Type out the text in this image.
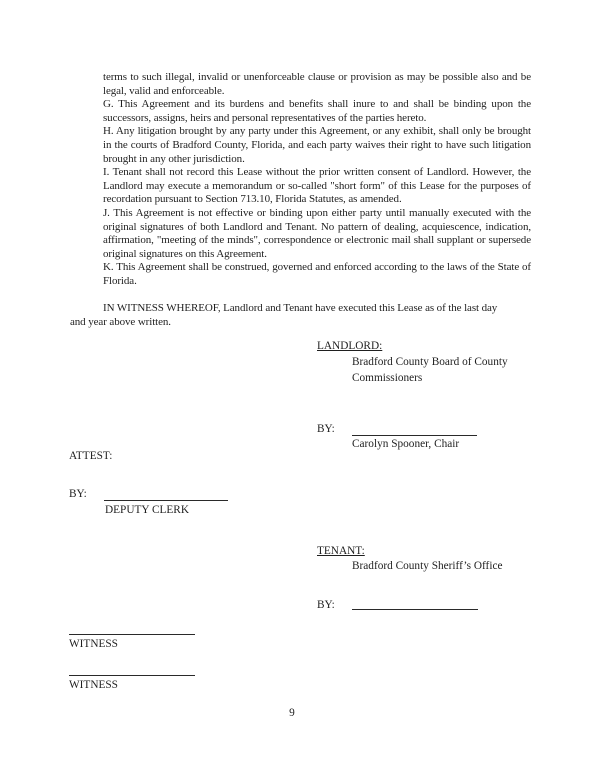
terms to such illegal, invalid or unenforceable clause or provision as may be possible also and be legal, valid and enforceable.

G. This Agreement and its burdens and benefits shall inure to and shall be binding upon the successors, assigns, heirs and personal representatives of the parties hereto.

H. Any litigation brought by any party under this Agreement, or any exhibit, shall only be brought in the courts of Bradford County, Florida, and each party waives their right to have such litigation brought in any other jurisdiction.

I. Tenant shall not record this Lease without the prior written consent of Landlord. However, the Landlord may execute a memorandum or so-called "short form" of this Lease for the purposes of recordation pursuant to Section 713.10, Florida Statutes, as amended.

J. This Agreement is not effective or binding upon either party until manually executed with the original signatures of both Landlord and Tenant. No pattern of dealing, acquiescence, indication, affirmation, "meeting of the minds", correspondence or electronic mail shall supplant or supersede original signatures on this Agreement.

K. This Agreement shall be construed, governed and enforced according to the laws of the State of Florida.

IN WITNESS WHEREOF, Landlord and Tenant have executed this Lease as of the last day and year above written.
LANDLORD:
Bradford County Board of County
Commissioners
BY:
Carolyn Spooner, Chair
ATTEST:
BY:
DEPUTY CLERK
TENANT:
Bradford County Sheriff’s Office
BY:
WITNESS
WITNESS
9
